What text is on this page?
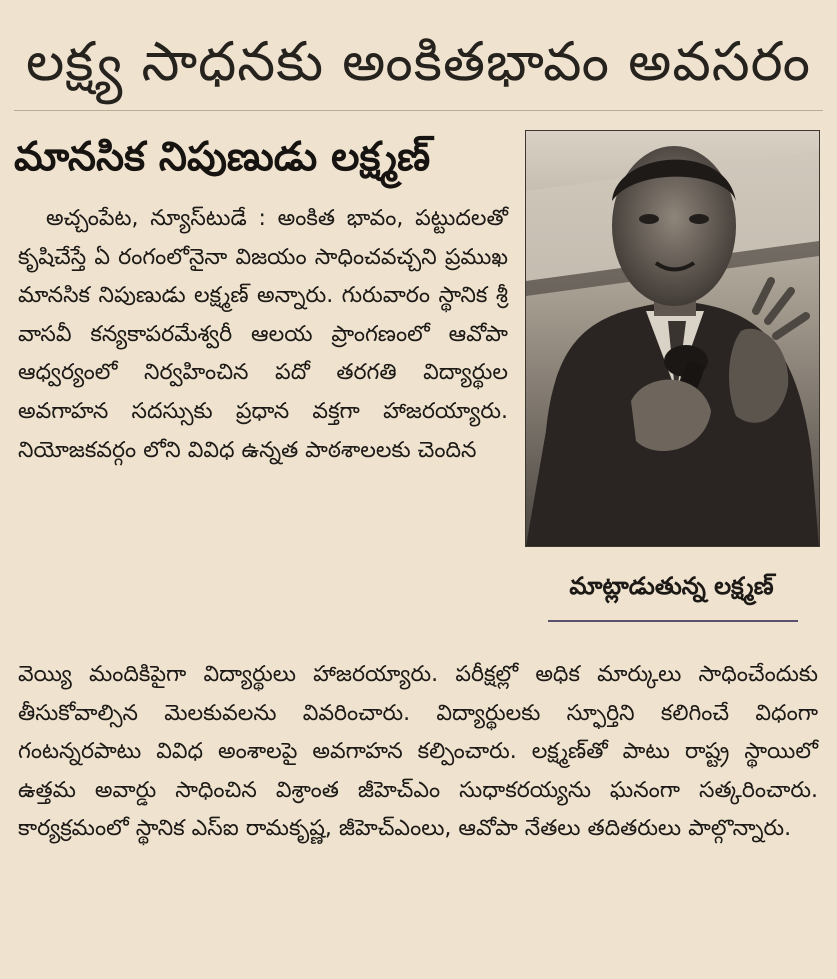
లక్ష్య సాధనకు అంకితభావం అవసరం
మానసిక నిపుణుడు లక్ష్మణ్

అచ్చంపేట, న్యూస్‌టుడే : అంకిత భావం, పట్టుదలతో కృషిచేస్తే ఏ రంగంలోనైనా విజయం సాధించవచ్చని ప్రముఖ మానసిక నిపుణుడు లక్ష్మణ్ అన్నారు. గురువారం స్థానిక శ్రీ వాసవీ కన్యకాపరమేశ్వరీ ఆలయ ప్రాంగణంలో ఆవోపా ఆధ్వర్యంలో నిర్వహించిన పదో తరగతి విద్యార్థుల అవగాహన సదస్సుకు ప్రధాన వక్తగా హాజరయ్యారు. నియోజకవర్గం లోని వివిధ ఉన్నత పాఠశాలలకు చెందిన

మాట్లాడుతున్న లక్ష్మణ్

వెయ్యి మందికిపైగా విద్యార్థులు హాజరయ్యారు. పరీక్షల్లో అధిక మార్కులు సాధించేందుకు తీసుకోవాల్సిన మెలకువలను వివరించారు. విద్యార్థులకు స్ఫూర్తిని కలిగించే విధంగా గంటన్నరపాటు వివిధ అంశాలపై అవగాహన కల్పించారు. లక్ష్మణ్‌తో పాటు రాష్ట్ర స్థాయిలో ఉత్తమ అవార్డు సాధించిన విశ్రాంత జీహెచ్ఎం సుధాకరయ్యను ఘనంగా సత్కరించారు. కార్యక్రమంలో స్థానిక ఎస్ఐ రామకృష్ణ, జీహెచ్ఎంలు, ఆవోపా నేతలు తదితరులు పాల్గొన్నారు.
